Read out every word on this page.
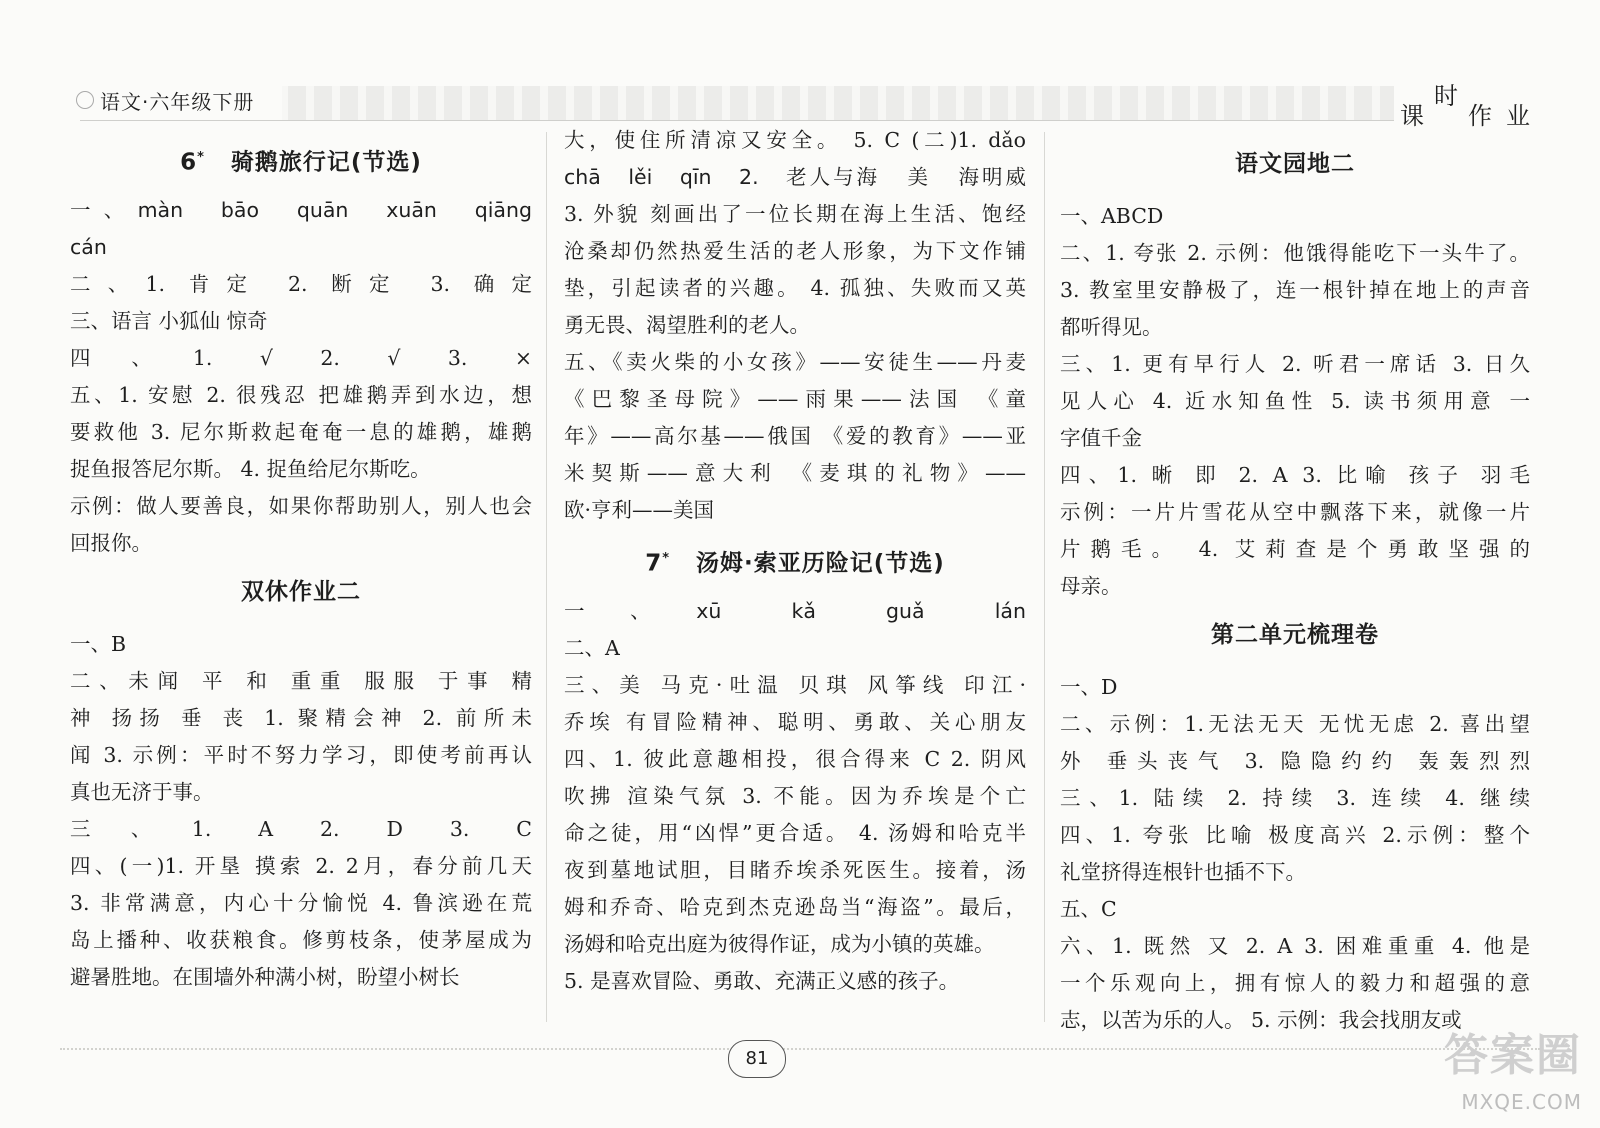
语文·六年级下册	课
时
作 业
6* 骑鹅旅行记(节选)
一、màn bāo quān xuān qiāng
cán
二、1. 肯定 2. 断定 3. 确定
三、语言 小狐仙 惊奇
四、1. √ 2. √ 3. ×
五、1. 安慰 2. 很残忍 把雄鹅弄到水边，想
要救他 3. 尼尔斯救起奄奄一息的雄鹅，雄鹅
捉鱼报答尼尔斯。 4. 捉鱼给尼尔斯吃。
示例：做人要善良，如果你帮助别人，别人也会
回报你。
双休作业二
一、B
二、未闻 平 和 重重 服服 于事 精
神 扬扬 垂 丧 1. 聚精会神 2. 前所未
闻 3. 示例：平时不努力学习，即使考前再认
真也无济于事。
三、1. A 2. D 3. C
四、(一)1. 开垦 摸索 2. 2月，春分前几天
3. 非常满意，内心十分愉悦 4. 鲁滨逊在荒
岛上播种、收获粮食。修剪枝条，使茅屋成为
避暑胜地。在围墙外种满小树，盼望小树长
大，使住所清凉又安全。 5. C (二)1. dǎo
chā lěi qīn 2. 老人与海 美 海明威
3. 外貌 刻画出了一位长期在海上生活、饱经
沧桑却仍然热爱生活的老人形象，为下文作铺
垫，引起读者的兴趣。 4. 孤独、失败而又英
勇无畏、渴望胜利的老人。
五、《卖火柴的小女孩》——安徒生——丹麦
《巴黎圣母院》——雨果——法国 《童
年》——高尔基——俄国 《爱的教育》——亚
米契斯——意大利 《麦琪的礼物》——
欧·亨利——美国
7* 汤姆·索亚历险记(节选)
一、xū kǎ guǎ lán
二、A
三、美 马克·吐温 贝琪 风筝线 印江·
乔埃 有冒险精神、聪明、勇敢、关心朋友
四、1. 彼此意趣相投，很合得来 C 2. 阴风
吹拂 渲染气氛 3. 不能。因为乔埃是个亡
命之徒，用“凶悍”更合适。 4. 汤姆和哈克半
夜到墓地试胆，目睹乔埃杀死医生。接着，汤
姆和乔奇、哈克到杰克逊岛当“海盗”。最后，
汤姆和哈克出庭为彼得作证，成为小镇的英雄。
5. 是喜欢冒险、勇敢、充满正义感的孩子。
语文园地二
一、ABCD
二、1. 夸张 2. 示例：他饿得能吃下一头牛了。
3. 教室里安静极了，连一根针掉在地上的声音
都听得见。
三、1. 更有早行人 2. 听君一席话 3. 日久
见人心 4. 近水知鱼性 5. 读书须用意 一
字值千金
四、1. 晰 即 2. A 3. 比喻 孩子 羽毛
示例：一片片雪花从空中飘落下来，就像一片
片鹅毛。 4. 艾莉查是个勇敢坚强的
母亲。
第二单元梳理卷
一、D
二、示例：1.无法无天 无忧无虑 2. 喜出望
外 垂头丧气 3. 隐隐约约 轰轰烈烈
三、1. 陆续 2. 持续 3. 连续 4. 继续
四、1. 夸张 比喻 极度高兴 2.示例：整个
礼堂挤得连根针也插不下。
五、C
六、1. 既然 又 2. A 3. 困难重重 4. 他是
一个乐观向上，拥有惊人的毅力和超强的意
志，以苦为乐的人。 5. 示例：我会找朋友或
81	答案圈
MXQE.COM
